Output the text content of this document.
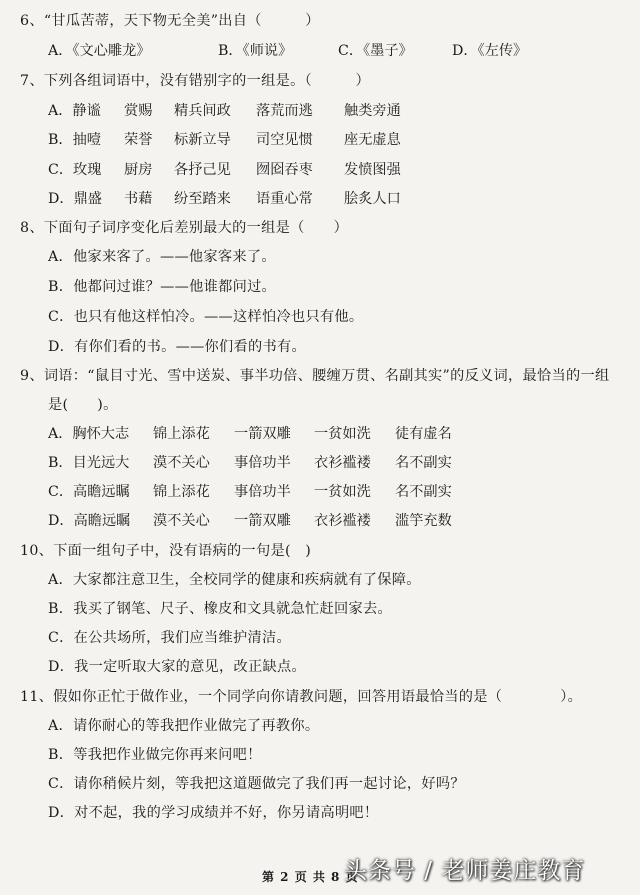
6、“甘瓜苦蒂，天下物无全美”出自（　　　）
A．《文心雕龙》	B．《师说》	C．《墨子》	D．《左传》
7、下列各组词语中，没有错别字的一组是。（　　　）
A．静谧 赏赐 精兵间政 落荒而逃 触类旁通
B．抽噎 荣誉 标新立导 司空见惯 座无虚息
C．玫瑰 厨房 各抒己见 囫囵吞枣 发愤图强
D．鼎盛 书藉 纷至踏来 语重心常 脍炙人口
8、下面句子词序变化后差别最大的一组是（　　）
A．他家来客了。——他家客来了。
B．他都问过谁？——他谁都问过。
C．也只有他这样怕冷。——这样怕冷也只有他。
D．有你们看的书。——你们看的书有。
9、词语：“鼠目寸光、雪中送炭、事半功倍、腰缠万贯、名副其实”的反义词，最恰当的一组
是(　　)。
A．胸怀大志 锦上添花 一箭双雕 一贫如洗 徒有虚名
B．目光远大 漠不关心 事倍功半 衣衫褴褛 名不副实
C．高瞻远瞩 锦上添花 事倍功半 一贫如洗 名不副实
D．高瞻远瞩 漠不关心 一箭双雕 衣衫褴褛 滥竽充数
10、下面一组句子中，没有语病的一句是(　)
A．大家都注意卫生，全校同学的健康和疾病就有了保障。
B．我买了钢笔、尺子、橡皮和文具就急忙赶回家去。
C．在公共场所，我们应当维护清洁。
D．我一定听取大家的意见，改正缺点。
11、假如你正忙于做作业，一个同学向你请教问题，回答用语最恰当的是（　　　　）。
A．请你耐心的等我把作业做完了再教你。
B．等我把作业做完你再来问吧！
C．请你稍候片刻，等我把这道题做完了我们再一起讨论，好吗？
D．对不起，我的学习成绩并不好，你另请高明吧！
第 2 页 共 8 页
头条号 / 老师姜庄教育
